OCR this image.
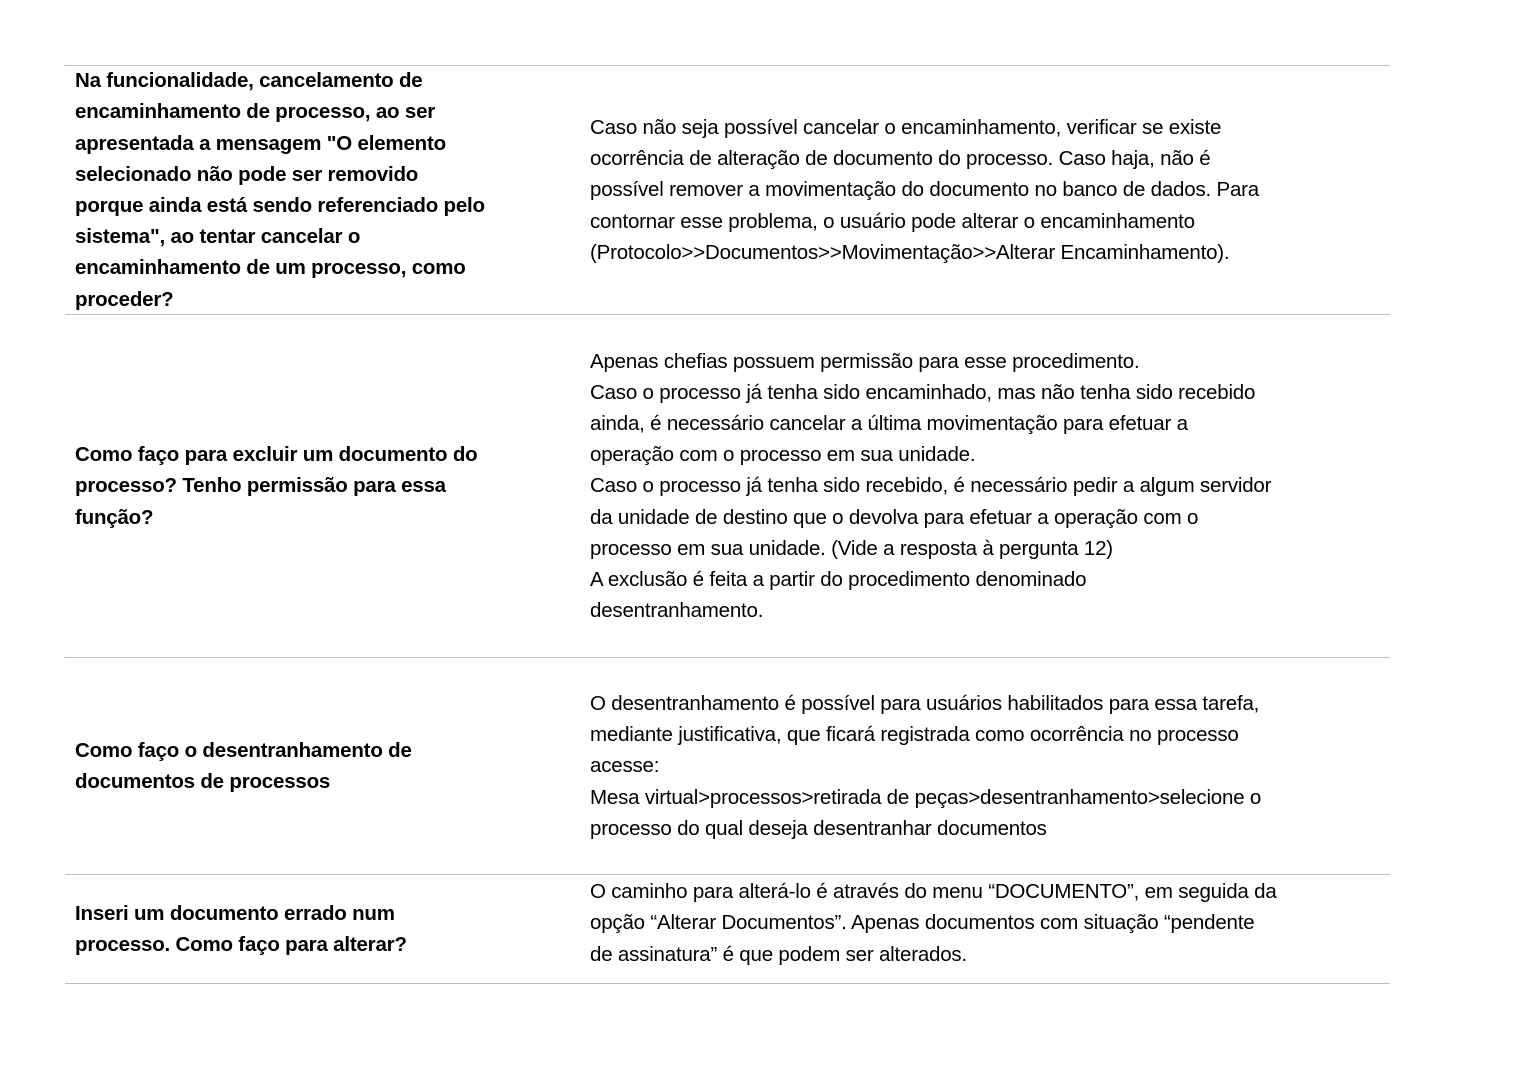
Na funcionalidade, cancelamento de
encaminhamento de processo, ao ser
apresentada a mensagem "O elemento
selecionado não pode ser removido
porque ainda está sendo referenciado pelo
sistema", ao tentar cancelar o
encaminhamento de um processo, como
proceder?
Caso não seja possível cancelar o encaminhamento, verificar se existe
ocorrência de alteração de documento do processo. Caso haja, não é
possível remover a movimentação do documento no banco de dados. Para
contornar esse problema, o usuário pode alterar o encaminhamento
(Protocolo>>Documentos>>Movimentação>>Alterar Encaminhamento).
Como faço para excluir um documento do
processo? Tenho permissão para essa
função?
Apenas chefias possuem permissão para esse procedimento.
Caso o processo já tenha sido encaminhado, mas não tenha sido recebido
ainda, é necessário cancelar a última movimentação para efetuar a
operação com o processo em sua unidade.
Caso o processo já tenha sido recebido, é necessário pedir a algum servidor
da unidade de destino que o devolva para efetuar a operação com o
processo em sua unidade. (Vide a resposta à pergunta 12)
A exclusão é feita a partir do procedimento denominado
desentranhamento.
Como faço o desentranhamento de
documentos de processos
O desentranhamento é possível para usuários habilitados para essa tarefa,
mediante justificativa, que ficará registrada como ocorrência no processo
acesse:
Mesa virtual>processos>retirada de peças>desentranhamento>selecione o
processo do qual deseja desentranhar documentos
Inseri um documento errado num
processo. Como faço para alterar?
O caminho para alterá-lo é através do menu “DOCUMENTO”, em seguida da
opção “Alterar Documentos”. Apenas documentos com situação “pendente
de assinatura” é que podem ser alterados.
